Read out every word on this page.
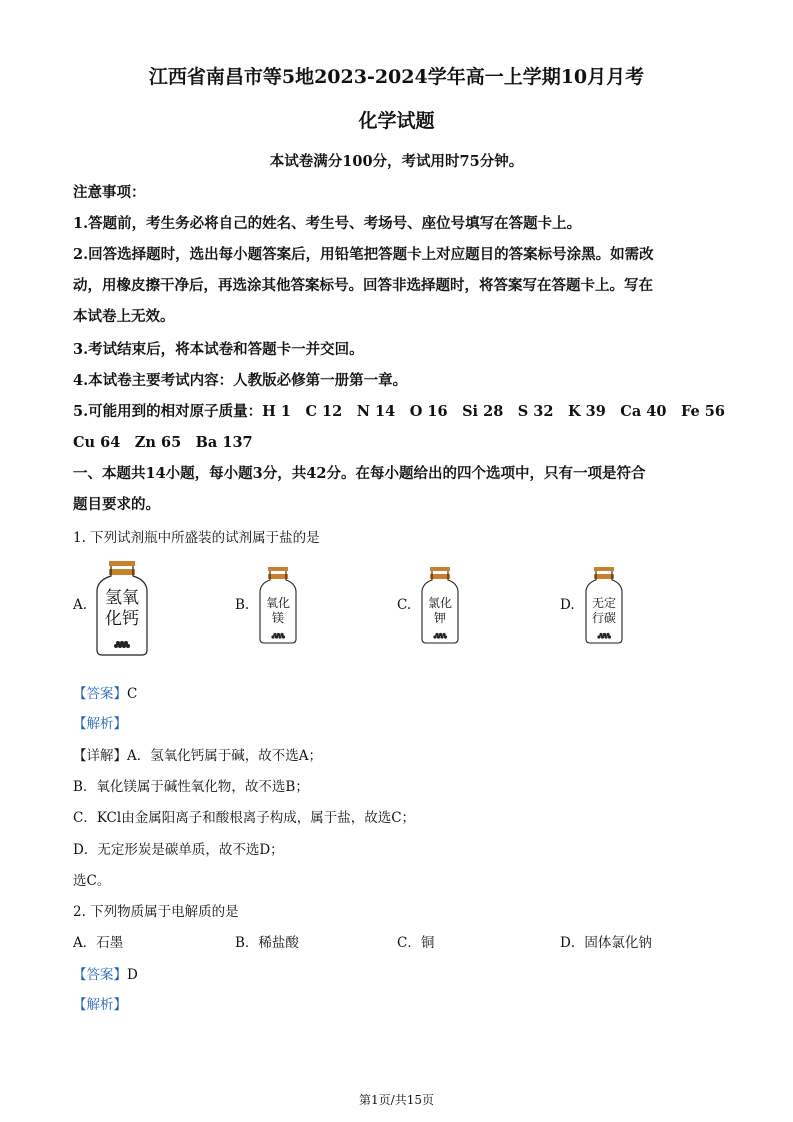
江西省南昌市等5地2023-2024学年高一上学期10月月考
化学试题
本试卷满分100分，考试用时75分钟。
注意事项：
1.答题前，考生务必将自己的姓名、考生号、考场号、座位号填写在答题卡上。
2.回答选择题时，选出每小题答案后，用铅笔把答题卡上对应题目的答案标号涂黑。如需改
动，用橡皮擦干净后，再选涂其他答案标号。回答非选择题时，将答案写在答题卡上。写在
本试卷上无效。
3.考试结束后，将本试卷和答题卡一并交回。
4.本试卷主要考试内容：人教版必修第一册第一章。
5.可能用到的相对原子质量：H 1　C 12　N 14　O 16　Si 28　S 32　K 39　Ca 40　Fe 56
Cu 64　Zn 65　Ba 137
一、本题共14小题，每小题3分，共42分。在每小题给出的四个选项中，只有一项是符合
题目要求的。
1. 下列试剂瓶中所盛装的试剂属于盐的是
A.	氢氧
化钙
B.	氧化
镁
C.	氯化
钾
D.	无定
行碳
【答案】C
【解析】
【详解】A．氢氧化钙属于碱，故不选A；
B．氧化镁属于碱性氧化物，故不选B；
C．KCl由金属阳离子和酸根离子构成，属于盐，故选C；
D．无定形炭是碳单质，故不选D；
选C。
2. 下列物质属于电解质的是
A．石墨	B．稀盐酸	C．铜	D．固体氯化钠
【答案】D
【解析】
第1页/共15页
